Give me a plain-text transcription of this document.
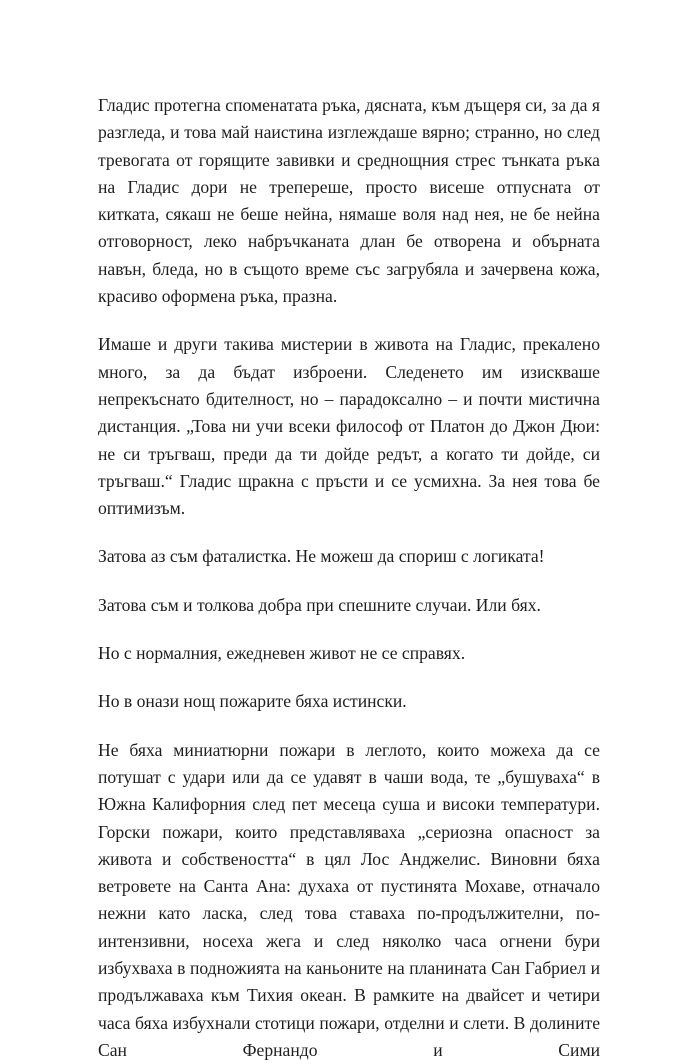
Гладис протегна споменатата ръка, дясната, към дъщеря си, за да я разгледа, и това май наистина изглеждаше вярно; странно, но след тревогата от горящите завивки и среднощния стрес тънката ръка на Гладис дори не трепереше, просто висеше отпусната от китката, сякаш не беше нейна, нямаше воля над нея, не бе нейна отговорност, леко набръчканата длан бе отворена и обърната навън, бледа, но в същото време със загрубяла и зачервена кожа, красиво оформена ръка, празна.

Имаше и други такива мистерии в живота на Гладис, прекалено много, за да бъдат изброени. Следенето им изискваше непрекъснато бдителност, но – парадоксално – и почти мистична дистанция. „Това ни учи всеки философ от Платон до Джон Дюи: не си тръгваш, преди да ти дойде редът, а когато ти дойде, си тръгваш.“ Гладис щракна с пръсти и се усмихна. За нея това бе оптимизъм.

Затова аз съм фаталистка. Не можеш да спориш с логиката!

Затова съм и толкова добра при спешните случаи. Или бях.

Но с нормалния, ежедневен живот не се справях.

Но в онази нощ пожарите бяха истински.

Не бяха миниатюрни пожари в леглото, които можеха да се потушат с удари или да се удавят в чаши вода, те „бушуваха“ в Южна Калифорния след пет месеца суша и високи температури. Горски пожари, които представляваха „сериозна опасност за живота и собствеността“ в цял Лос Анджелис. Виновни бяха ветровете на Санта Ана: духаха от пустинята Мохаве, отначало нежни като ласка, след това ставаха по-продължителни, по-интензивни, носеха жега и след няколко часа огнени бури избухваха в подножията на каньоните на планината Сан Габриел и продължаваха към Тихия океан. В рамките на двайсет и четири часа бяха избухнали стотици пожари, отделни и слети. В долините Сан Фернандо и Сими
